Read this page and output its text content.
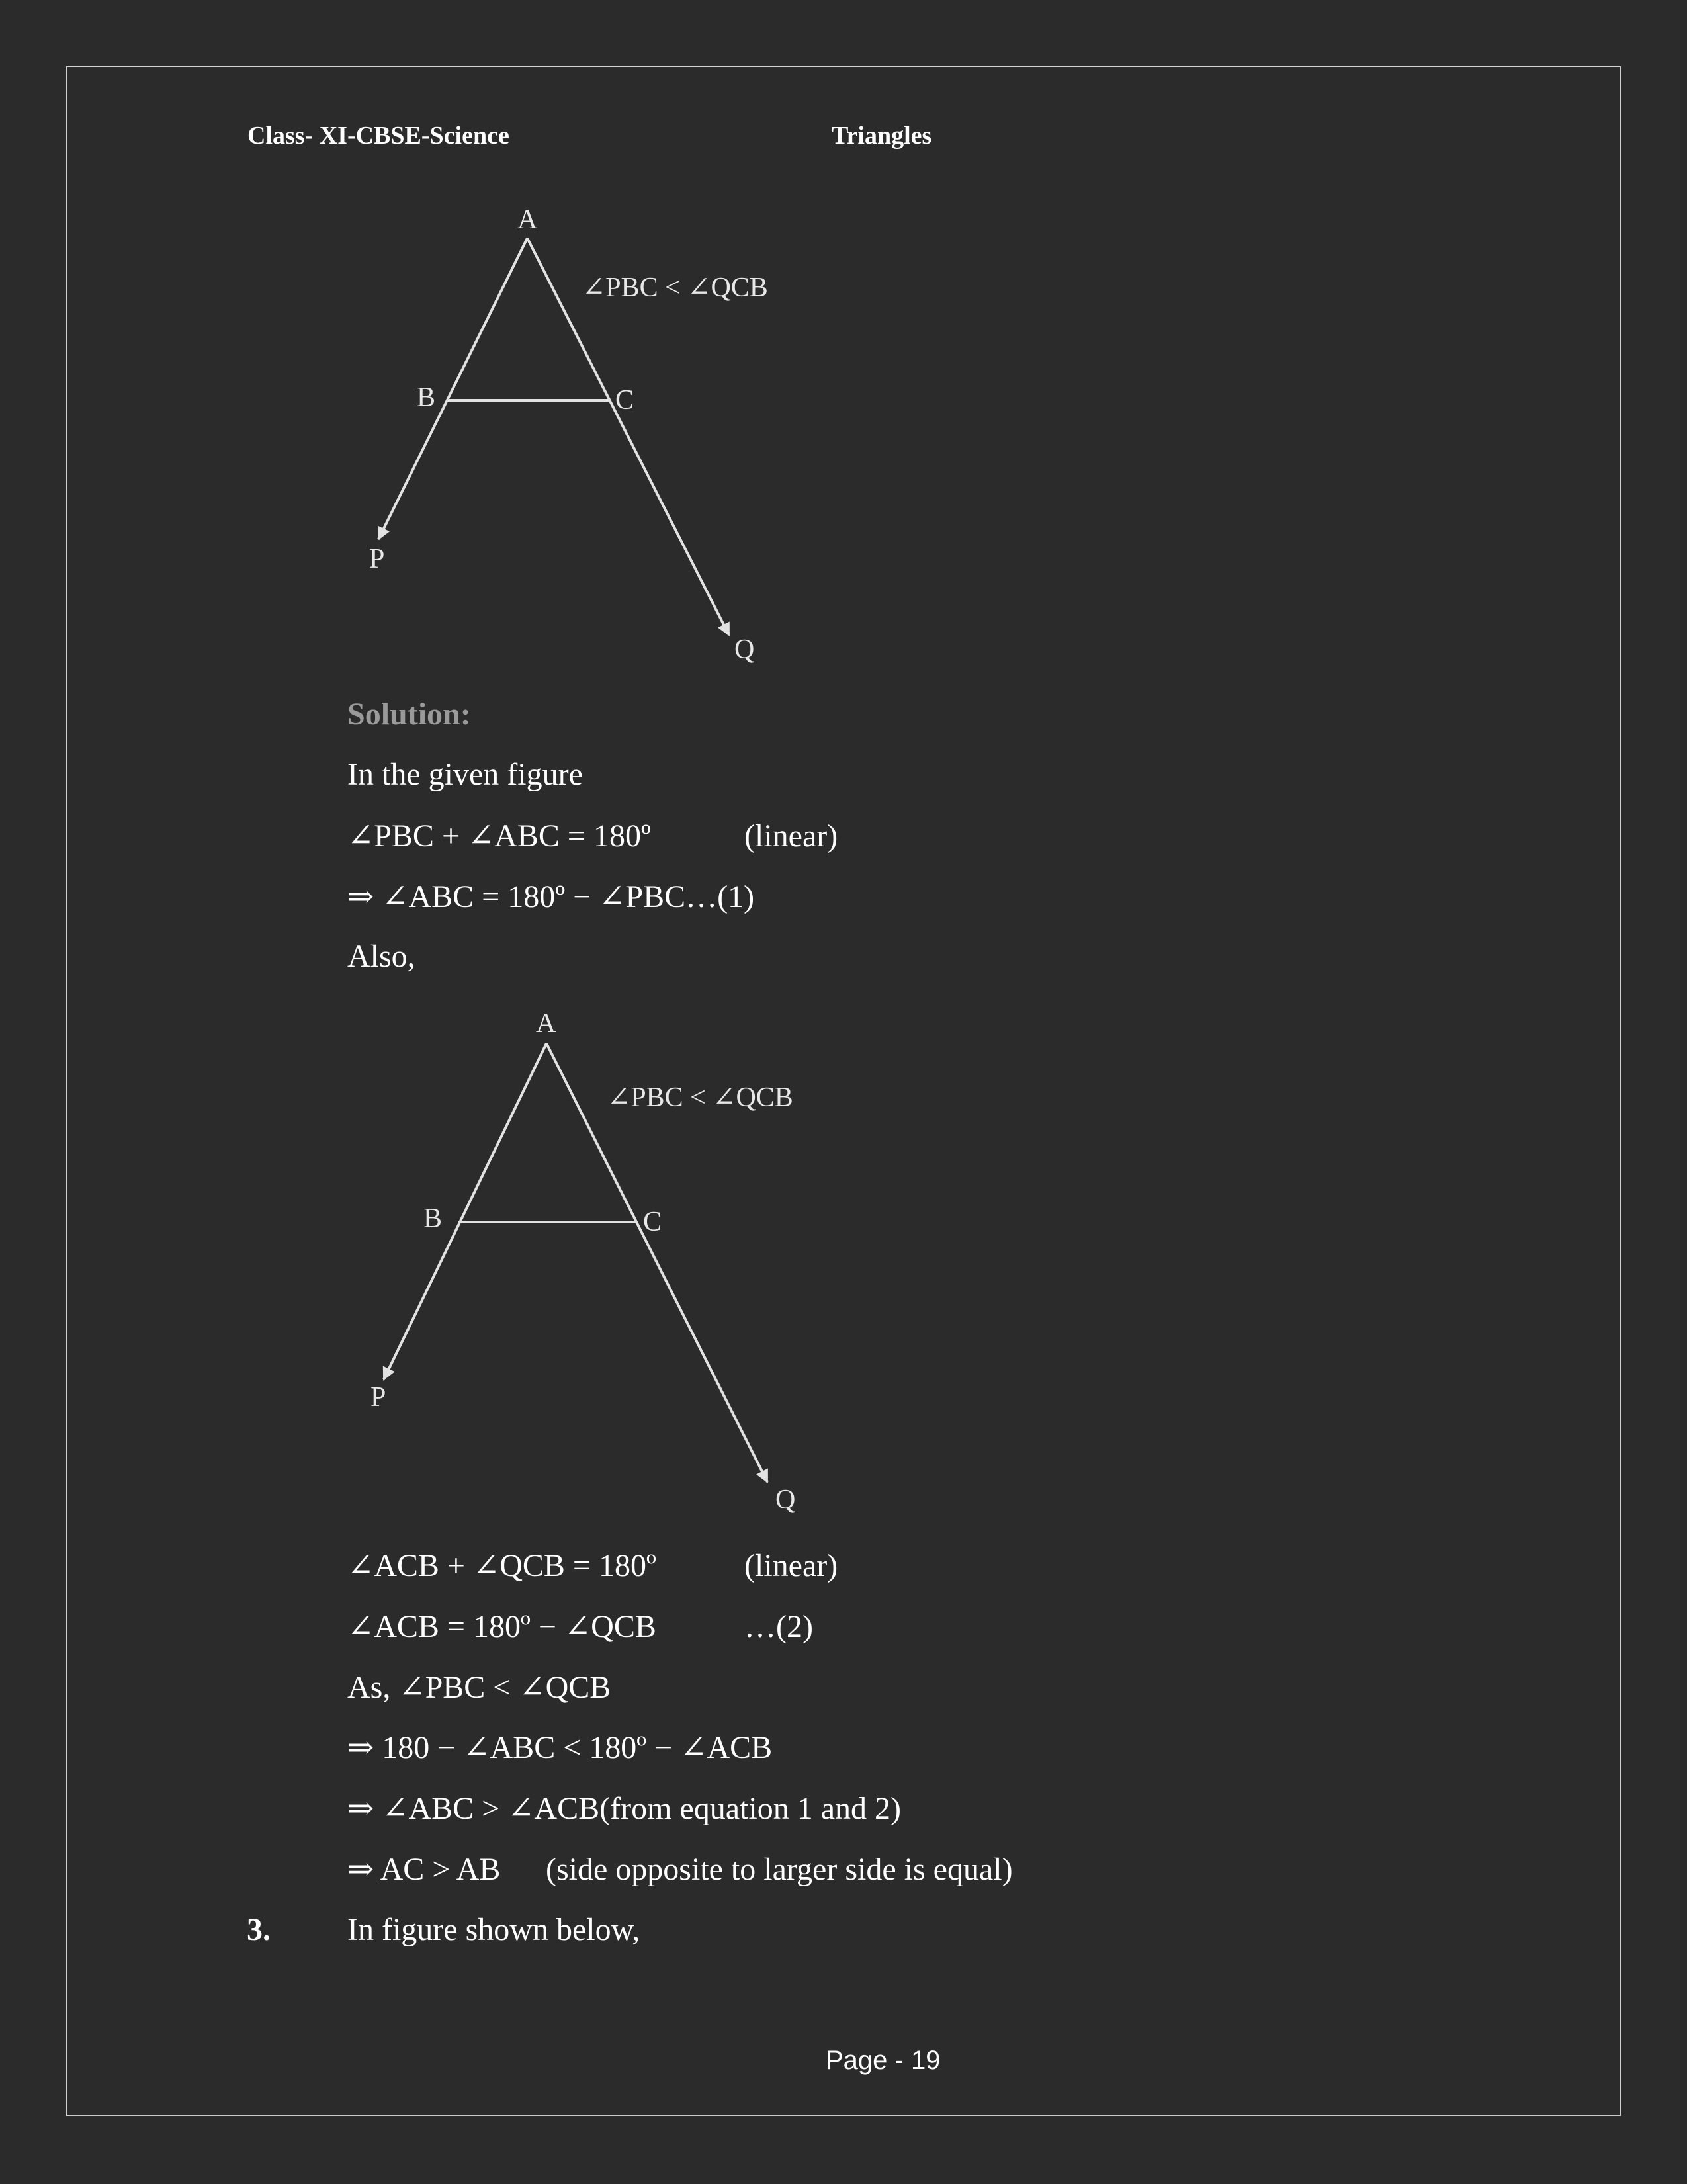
Class- XI-CBSE-Science	Triangles
A
B	C
P
Q
∠PBC < ∠QCB
Solution:
In the given figure
∠PBC + ∠ABC = 180º	(linear)
⇒ ∠ABC = 180º − ∠PBC…(1)
Also,
A
B	C
P
Q
∠PBC < ∠QCB
∠ACB + ∠QCB = 180º	(linear)
∠ACB = 180º − ∠QCB	…(2)
As, ∠PBC < ∠QCB
⇒ 180 − ∠ABC < 180º − ∠ACB
⇒ ∠ABC > ∠ACB(from equation 1 and 2)
⇒ AC > AB (side opposite to larger side is equal)
3. In figure shown below,
Page - 19
